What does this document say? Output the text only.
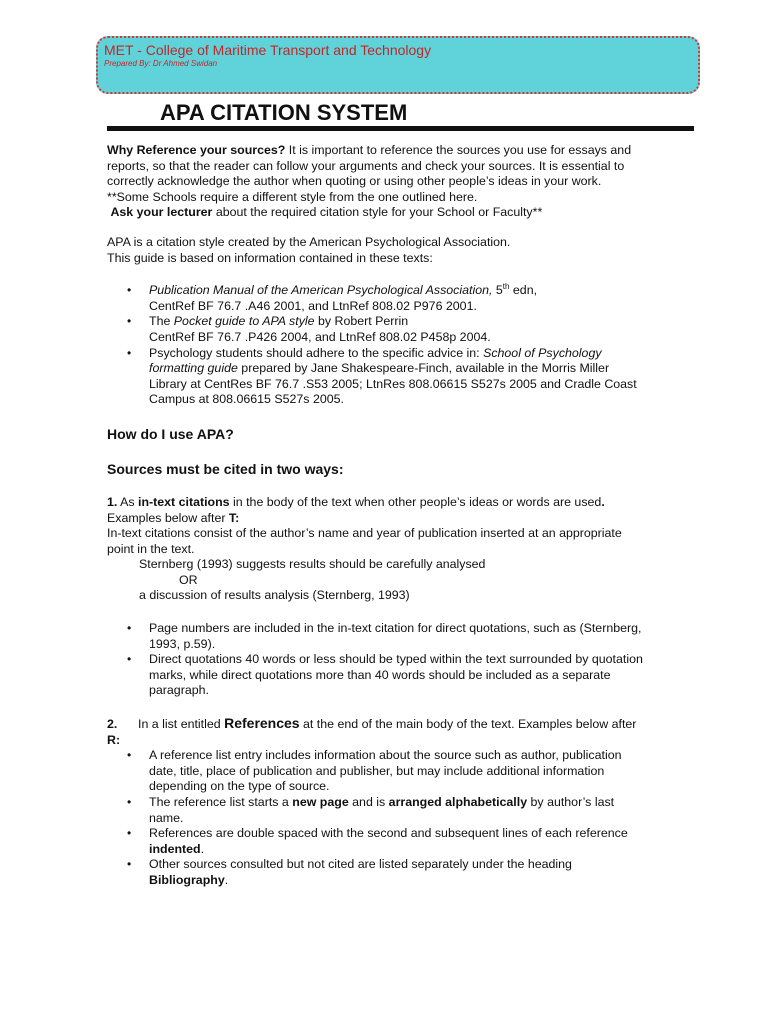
MET - College of Maritime Transport and Technology
Prepared By: Dr Ahmed Swidan
APA CITATION SYSTEM

Why Reference your sources? It is important to reference the sources you use for essays and reports, so that the reader can follow your arguments and check your sources. It is essential to correctly acknowledge the author when quoting or using other people’s ideas in your work.

**Some Schools require a different style from the one outlined here.

Ask your lecturer about the required citation style for your School or Faculty**

APA is a citation style created by the American Psychological Association.

This guide is based on information contained in these texts:

• Publication Manual of the American Psychological Association, 5th edn,
CentRef BF 76.7 .A46 2001, and LtnRef 808.02 P976 2001.
• The Pocket guide to APA style by Robert Perrin
CentRef BF 76.7 .P426 2004, and LtnRef 808.02 P458p 2004.
• Psychology students should adhere to the specific advice in: School of Psychology formatting guide prepared by Jane Shakespeare-Finch, available in the Morris Miller Library at CentRes BF 76.7 .S53 2005; LtnRes 808.06615 S527s 2005 and Cradle Coast Campus at 808.06615 S527s 2005.

How do I use APA?

Sources must be cited in two ways:

1. As in-text citations in the body of the text when other people’s ideas or words are used. Examples below after T:

In-text citations consist of the author’s name and year of publication inserted at an appropriate point in the text.

Sternberg (1993) suggests results should be carefully analysed

OR

a discussion of results analysis (Sternberg, 1993)

• Page numbers are included in the in-text citation for direct quotations, such as (Sternberg, 1993, p.59).
• Direct quotations 40 words or less should be typed within the text surrounded by quotation marks, while direct quotations more than 40 words should be included as a separate paragraph.

2.      In a list entitled References at the end of the main body of the text. Examples below after R:

• A reference list entry includes information about the source such as author, publication date, title, place of publication and publisher, but may include additional information depending on the type of source.
• The reference list starts a new page and is arranged alphabetically by author’s last name.
• References are double spaced with the second and subsequent lines of each reference indented.
• Other sources consulted but not cited are listed separately under the heading Bibliography.
